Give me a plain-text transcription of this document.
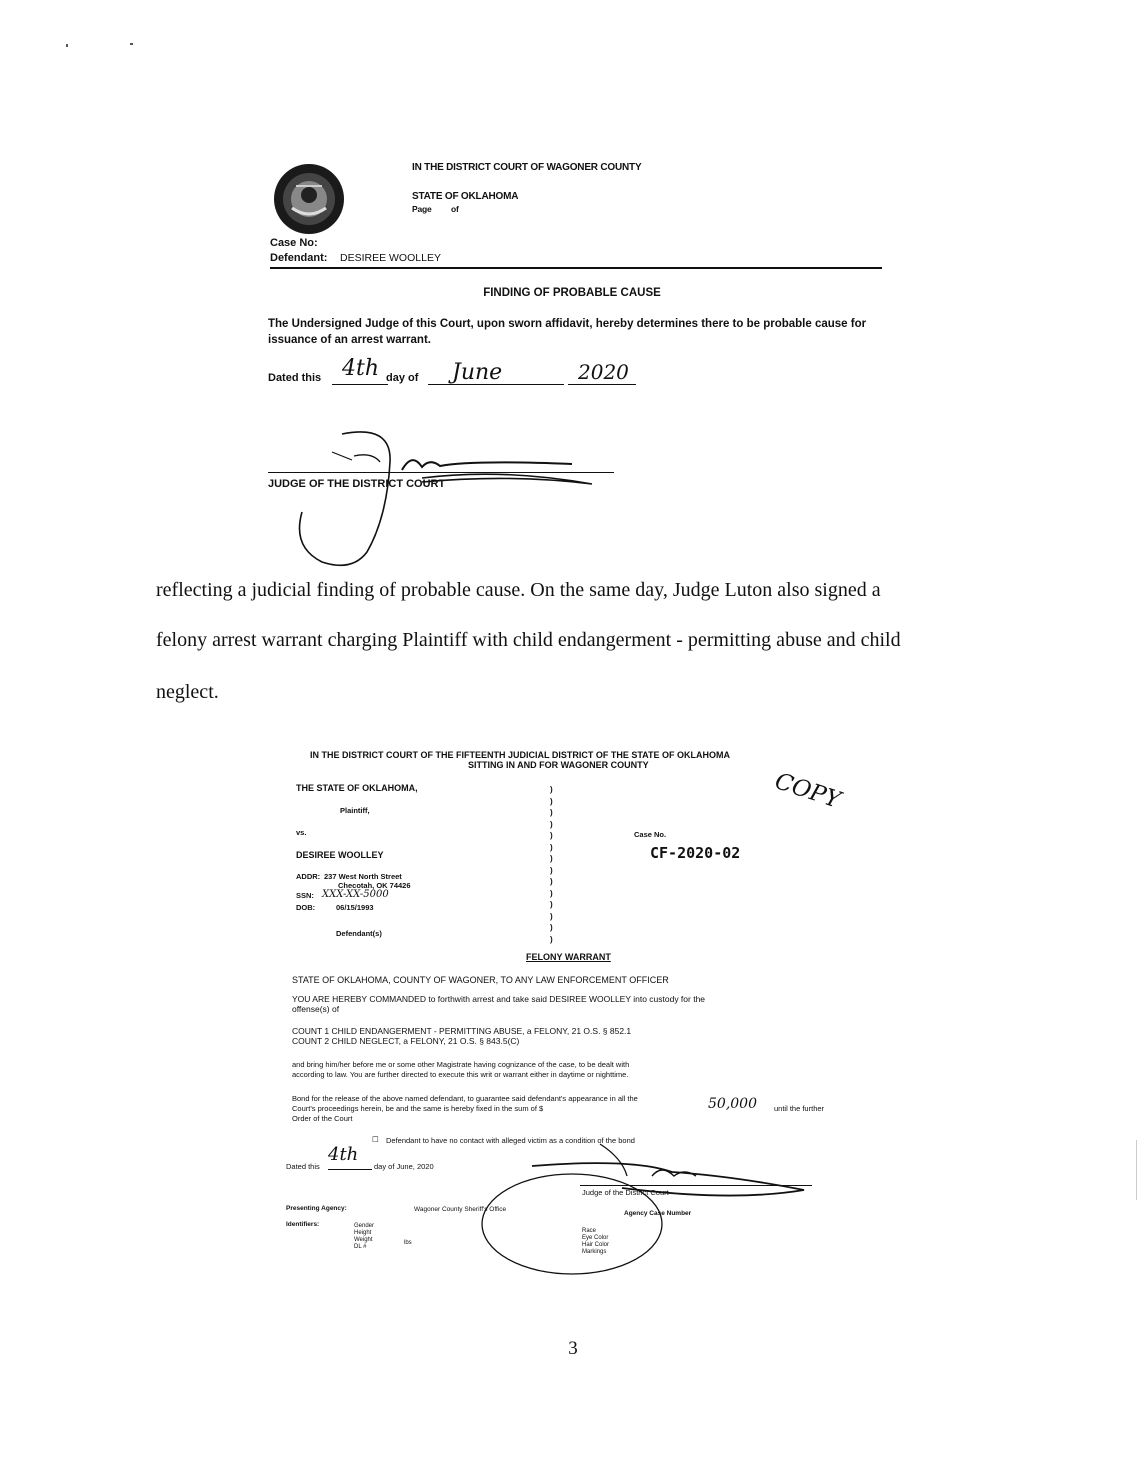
IN THE DISTRICT COURT OF WAGONER COUNTY
STATE OF OKLAHOMA
Page of
Case No:
Defendant: DESIREE WOOLLEY
FINDING OF PROBABLE CAUSE
The Undersigned Judge of this Court, upon sworn affidavit, hereby determines there to be probable cause for issuance of an arrest warrant.
Dated this 4th day of June	2020
JUDGE OF THE DISTRICT COURT
reflecting a judicial finding of probable cause. On the same day, Judge Luton also signed a
felony arrest warrant charging Plaintiff with child endangerment - permitting abuse and child
neglect.
IN THE DISTRICT COURT OF THE FIFTEENTH JUDICIAL DISTRICT OF THE STATE OF OKLAHOMA
SITTING IN AND FOR WAGONER COUNTY
THE STATE OF OKLAHOMA,
Plaintiff,
vs.
DESIREE WOOLLEY
ADDR: 237 West North Street
Checotah, OK 74426
SSN: XXX-XX-5000
DOB:	06/15/1993
Defendant(s)
)
)
)
)
)
)
)
)
)
)
)
)
)
)
COPY
Case No.
CF-2020-02
FELONY WARRANT
STATE OF OKLAHOMA, COUNTY OF WAGONER, TO ANY LAW ENFORCEMENT OFFICER
YOU ARE HEREBY COMMANDED to forthwith arrest and take said DESIREE WOOLLEY into custody for the
offense(s) of
COUNT 1 CHILD ENDANGERMENT - PERMITTING ABUSE, a FELONY, 21 O.S. § 852.1
COUNT 2 CHILD NEGLECT, a FELONY, 21 O.S. § 843.5(C)
and bring him/her before me or some other Magistrate having cognizance of the case, to be dealt with
according to law. You are further directed to execute this writ or warrant either in daytime or nighttime.
Bond for the release of the above named defendant, to guarantee said defendant's appearance in all the
Court's proceedings herein, be and the same is hereby fixed in the sum of $	50,000 until the further
Order of the Court
☐ Defendant to have no contact with alleged victim as a condition of the bond
Dated this
4th
day of June, 2020
Judge of the District Court
Presenting Agency:	Wagoner County Sheriff's Office
Agency Case Number
Identifiers:	Gender
Height
Weight	lbs
DL #
Race
Eye Color
Hair Color
Markings
3
